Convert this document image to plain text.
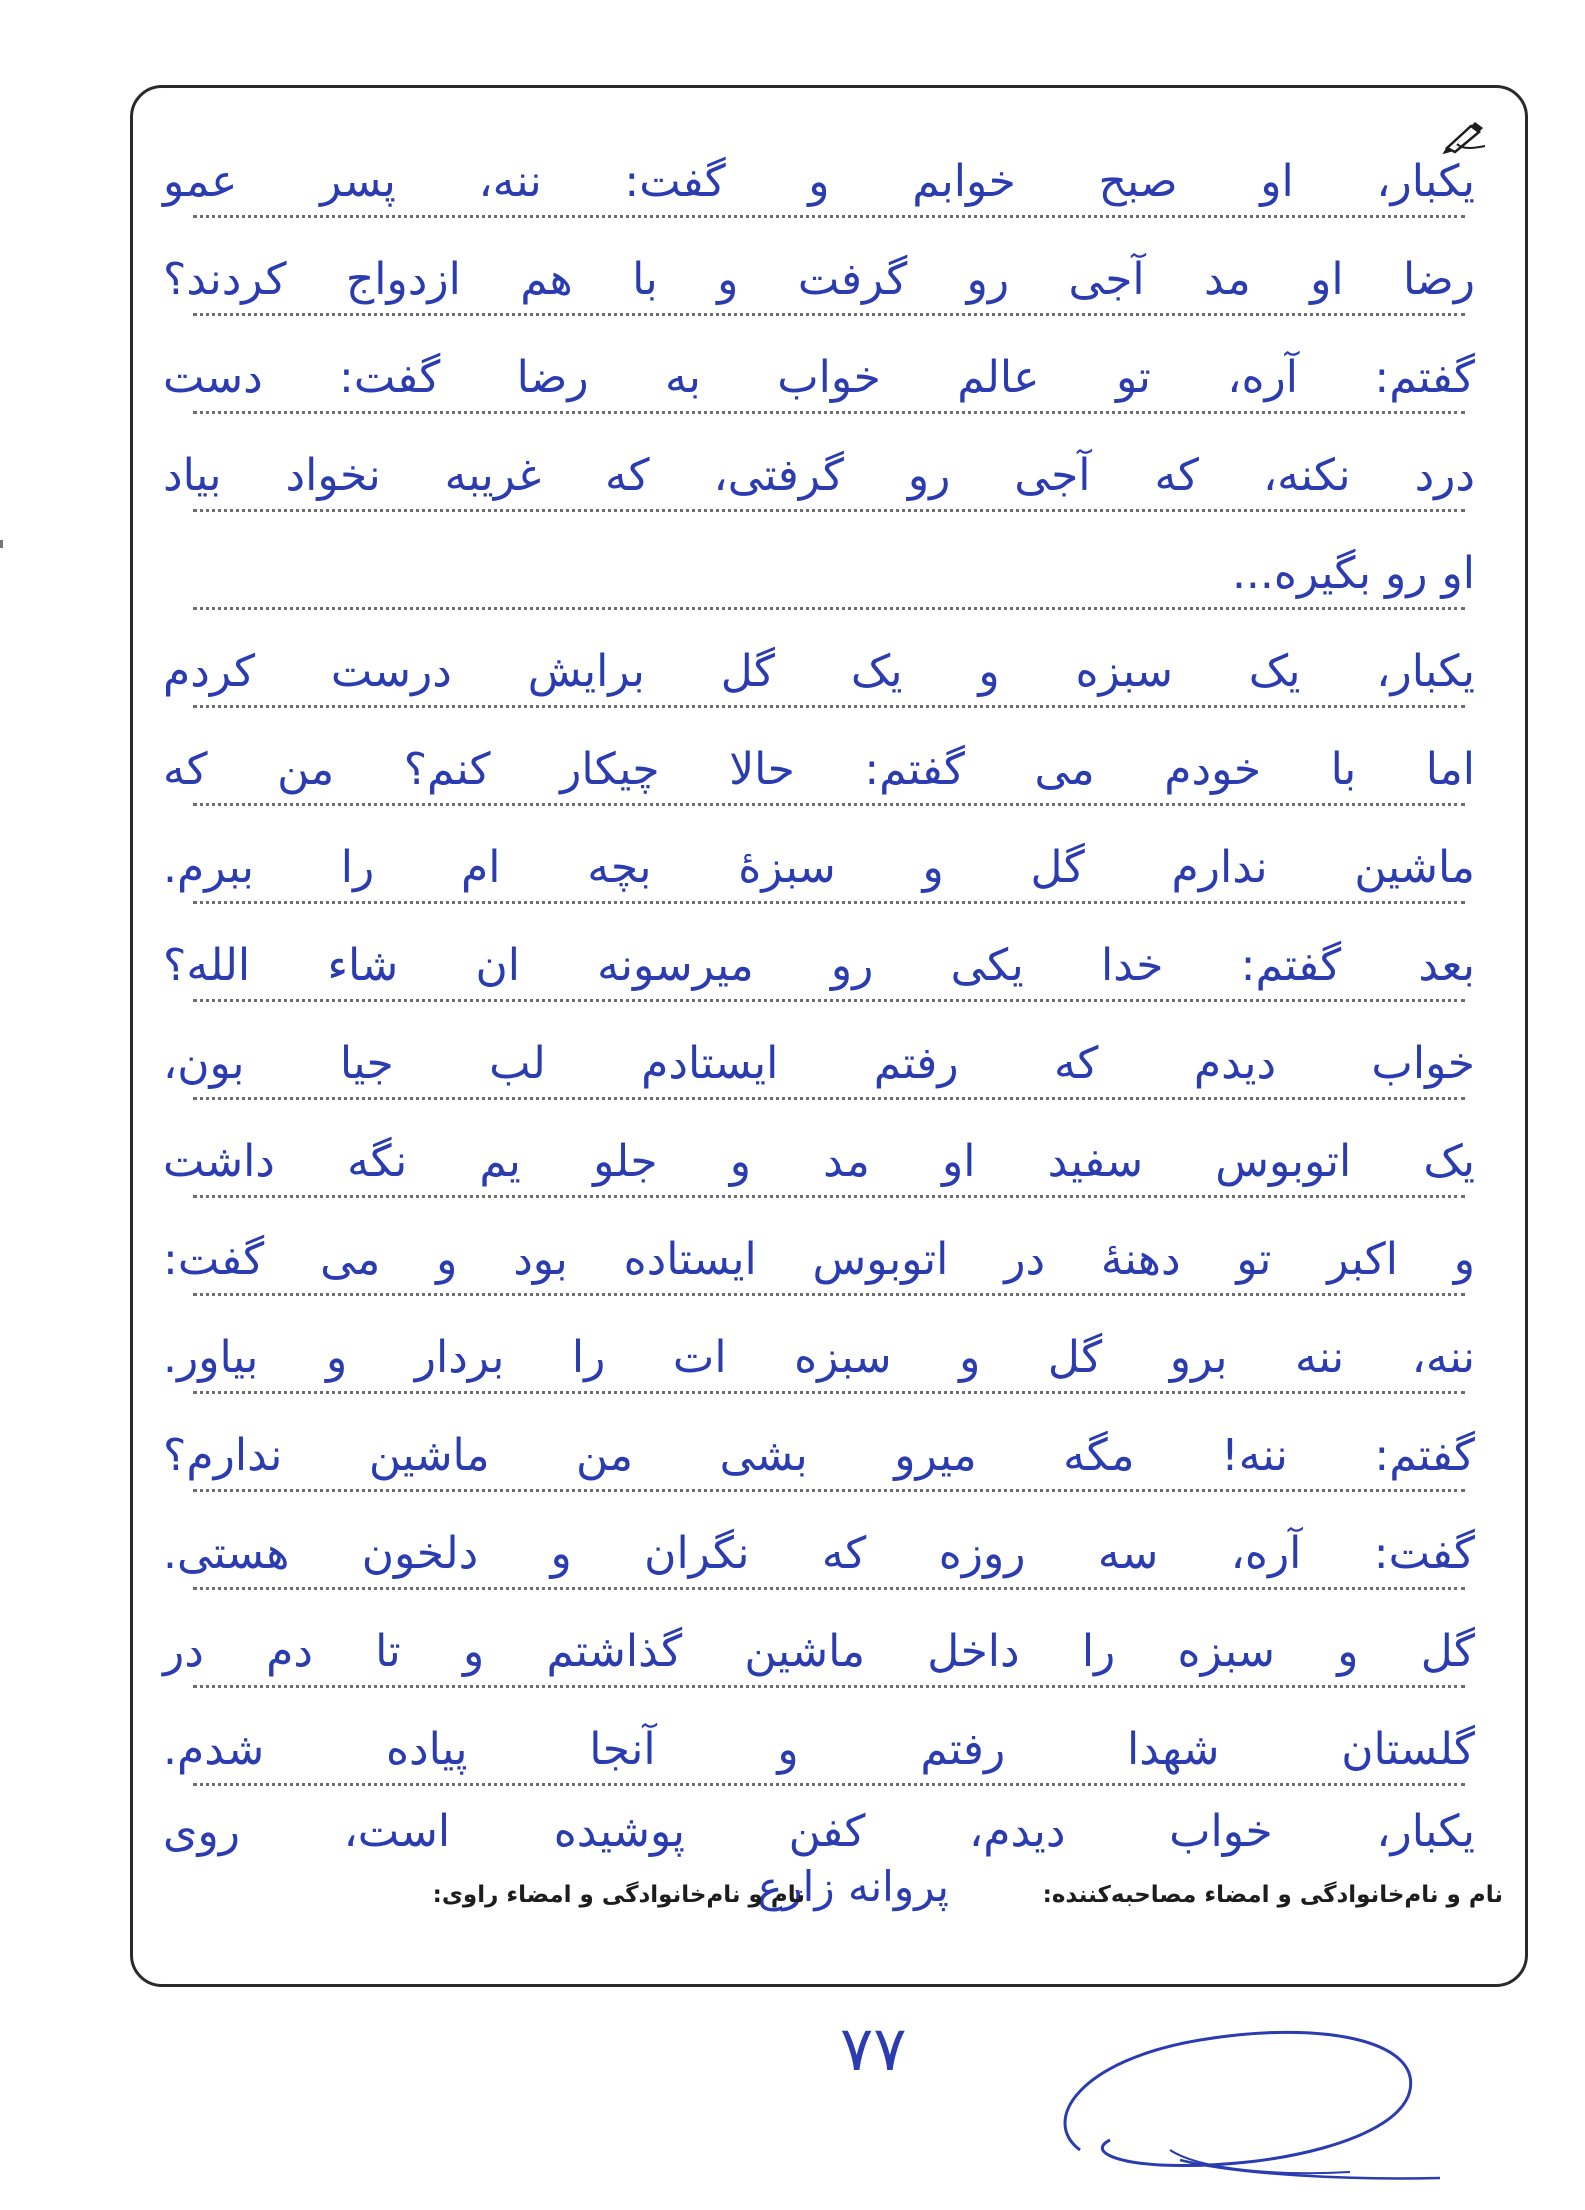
یکبار، او صبح خوابم و گفت: ننه، پسر عمو
رضا او مد آجی رو گرفت و با هم ازدواج کردند؟
گفتم: آره، تو عالم خواب به رضا گفت: دست
درد نکنه، که آجی رو گرفتی، که غریبه نخواد بیاد
او رو بگیره...
یکبار، یک سبزه و یک گل برایش درست کردم
اما با خودم می گفتم: حالا چیکار کنم؟ من که
ماشین ندارم گل و سبزهٔ بچه ام را ببرم.
بعد گفتم: خدا یکی رو میرسونه ان شاء الله؟
خواب دیدم که رفتم ایستادم لب جیا بون،
یک اتوبوس سفید او مد و جلو یم نگه داشت
و اکبر تو دهنهٔ در اتوبوس ایستاده بود و می گفت:
ننه، ننه برو گل و سبزه ات را بردار و بیاور.
گفتم: ننه! مگه میرو بشی من ماشین ندارم؟
گفت: آره، سه روزه که نگران و دلخون هستی.
گل و سبزه را داخل ماشین گذاشتم و تا دم در
گلستان شهدا رفتم و آنجا پیاده شدم.
یکبار، خواب دیدم، کفن پوشیده است، روی
نام و نام‌خانوادگی و امضاء مصاحبه‌کننده:
پروانه زارع
نام و نام‌خانوادگی و امضاء راوی:
۷۷
